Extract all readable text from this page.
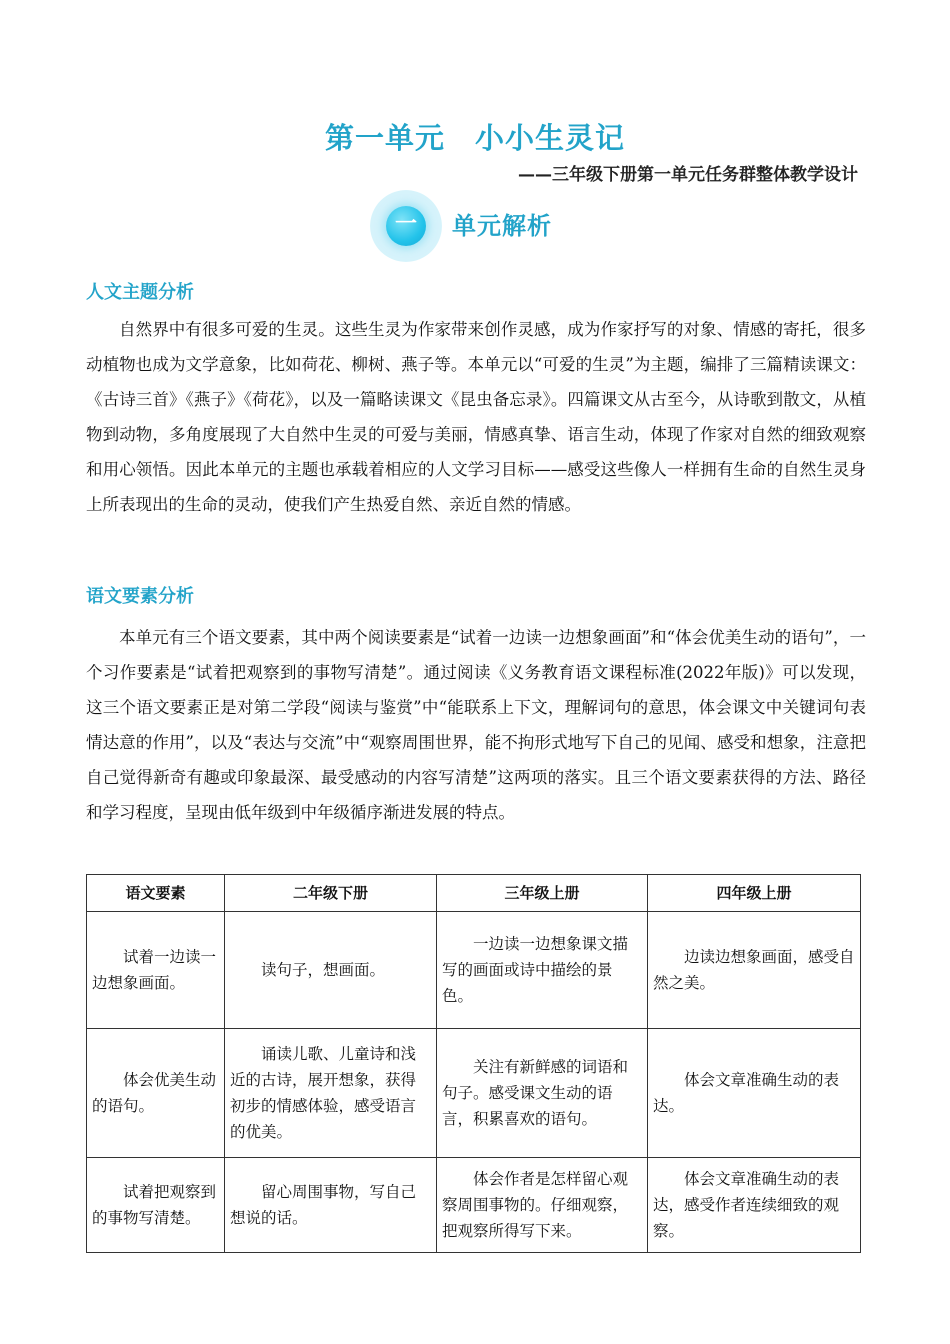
第一单元 小小生灵记
——三年级下册第一单元任务群整体教学设计
一	单元解析
人文主题分析

自然界中有很多可爱的生灵。这些生灵为作家带来创作灵感，成为作家抒写的对象、情感的寄托，很多动植物也成为文学意象，比如荷花、柳树、燕子等。本单元以“可爱的生灵”为主题，编排了三篇精读课文：《古诗三首》《燕子》《荷花》，以及一篇略读课文《昆虫备忘录》。四篇课文从古至今，从诗歌到散文，从植物到动物，多角度展现了大自然中生灵的可爱与美丽，情感真挚、语言生动，体现了作家对自然的细致观察和用心领悟。因此本单元的主题也承载着相应的人文学习目标——感受这些像人一样拥有生命的自然生灵身上所表现出的生命的灵动，使我们产生热爱自然、亲近自然的情感。

语文要素分析

本单元有三个语文要素，其中两个阅读要素是“试着一边读一边想象画面”和“体会优美生动的语句”，一个习作要素是“试着把观察到的事物写清楚”。通过阅读《义务教育语文课程标准(2022年版)》可以发现，这三个语文要素正是对第二学段“阅读与鉴赏”中“能联系上下文，理解词句的意思，体会课文中关键词句表情达意的作用”，以及“表达与交流”中“观察周围世界，能不拘形式地写下自己的见闻、感受和想象，注意把自己觉得新奇有趣或印象最深、最受感动的内容写清楚”这两项的落实。且三个语文要素获得的方法、路径和学习程度，呈现由低年级到中年级循序渐进发展的特点。

语文要素	二年级下册	三年级上册	四年级上册
试着一边读一边想象画面。	读句子，想画面。	一边读一边想象课文描写的画面或诗中描绘的景色。	边读边想象画面，感受自然之美。
体会优美生动的语句。	诵读儿歌、儿童诗和浅近的古诗，展开想象，获得初步的情感体验，感受语言的优美。	关注有新鲜感的词语和句子。感受课文生动的语言，积累喜欢的语句。	体会文章准确生动的表达。
试着把观察到的事物写清楚。	留心周围事物，写自己想说的话。	体会作者是怎样留心观察周围事物的。仔细观察，把观察所得写下来。	体会文章准确生动的表达，感受作者连续细致的观察。
